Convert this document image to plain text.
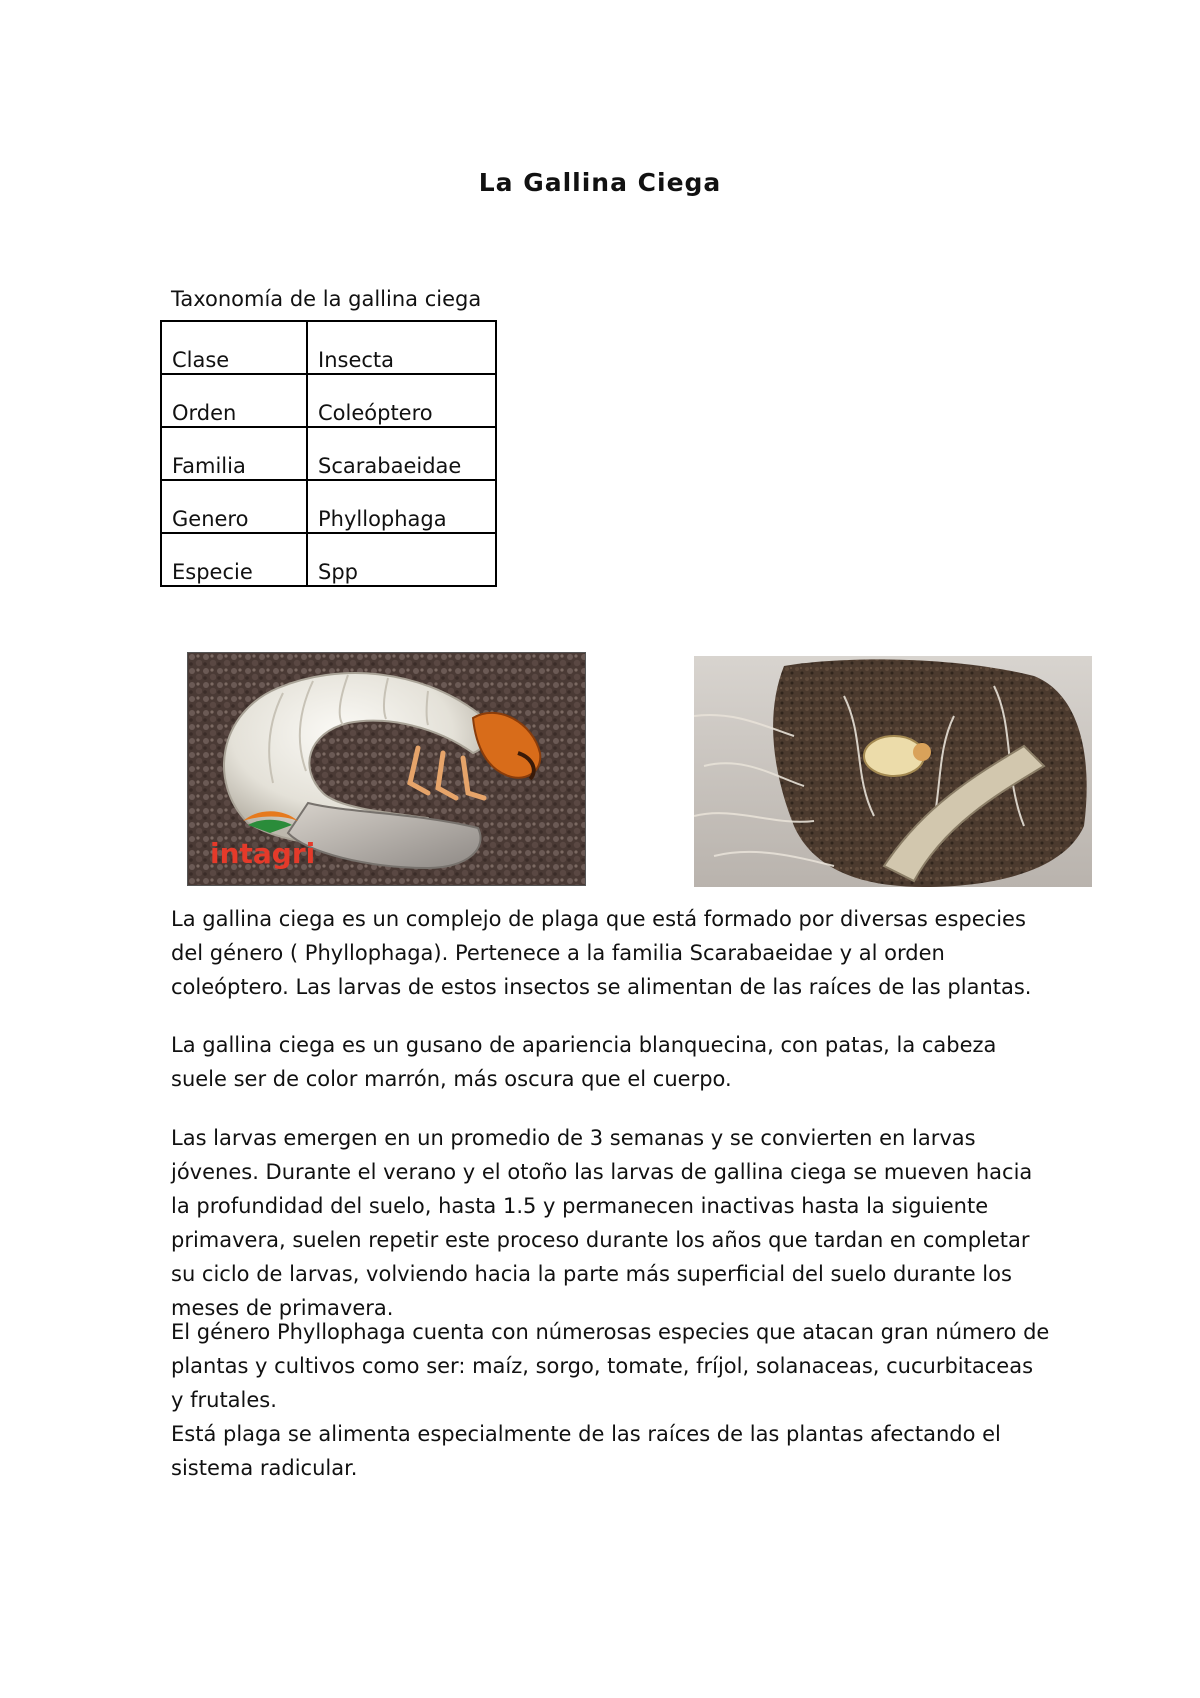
La Gallina Ciega
Taxonomía de la gallina ciega
Clase	Insecta
Orden	Coleóptero
Familia	Scarabaeidae
Genero	Phyllophaga
Especie	Spp
intagri

La gallina ciega es un complejo de plaga que está formado por diversas especies del género ( Phyllophaga). Pertenece a la familia Scarabaeidae y al orden coleóptero. Las larvas de estos insectos se alimentan de las raíces de las plantas.

La gallina ciega es un gusano de apariencia blanquecina, con patas, la cabeza suele ser de color marrón, más oscura que el cuerpo.

Las larvas emergen en un promedio de 3 semanas y se convierten en larvas jóvenes. Durante el verano y el otoño las larvas de gallina ciega se mueven hacia la profundidad del suelo, hasta 1.5 y permanecen inactivas hasta la siguiente primavera, suelen repetir este proceso durante los años que tardan en completar su ciclo de larvas, volviendo hacia la parte más superficial del suelo durante los meses de primavera.

El género Phyllophaga cuenta con númerosas especies que atacan gran número de plantas y cultivos como ser: maíz, sorgo, tomate, fríjol, solanaceas, cucurbitaceas y frutales.

Está plaga se alimenta especialmente de las raíces de las plantas afectando el sistema radicular.
